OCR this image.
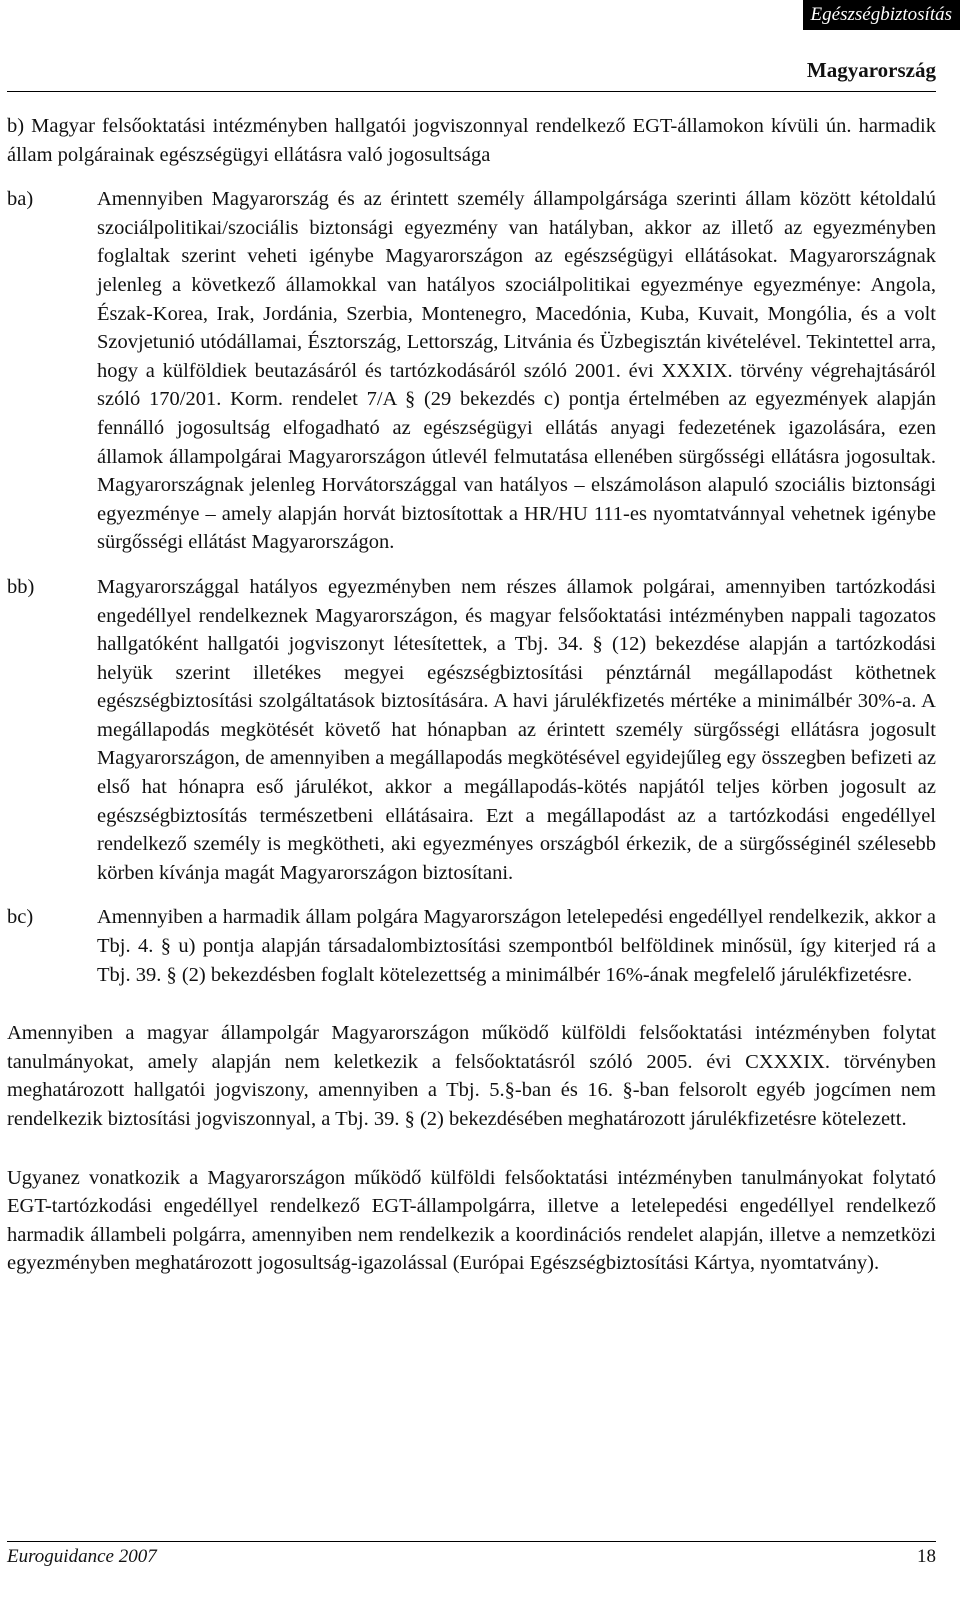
Egészségbiztosítás
Magyarország

b) Magyar felsőoktatási intézményben hallgatói jogviszonnyal rendelkező EGT-államokon kívüli ún. harmadik állam polgárainak egészségügyi ellátásra való jogosultsága

ba)	Amennyiben Magyarország és az érintett személy állampolgársága szerinti állam között kétoldalú szociálpolitikai/szociális biztonsági egyezmény van hatályban, akkor az illető az egyezményben foglaltak szerint veheti igénybe Magyarországon az egészségügyi ellátásokat. Magyarországnak jelenleg a következő államokkal van hatályos szociálpolitikai egyezménye egyezménye: Angola, Észak-Korea, Irak, Jordánia, Szerbia, Montenegro, Macedónia, Kuba, Kuvait, Mongólia, és a volt Szovjetunió utódállamai, Észtország, Lettország, Litvánia és Üzbegisztán kivételével. Tekintettel arra, hogy a külföldiek beutazásáról és tartózkodásáról szóló 2001. évi XXXIX. törvény végrehajtásáról szóló 170/201. Korm. rendelet 7/A § (29 bekezdés c) pontja értelmében az egyezmények alapján fennálló jogosultság elfogadható az egészségügyi ellátás anyagi fedezetének igazolására, ezen államok állampolgárai Magyarországon útlevél felmutatása ellenében sürgősségi ellátásra jogosultak. Magyarországnak jelenleg Horvátországgal van hatályos – elszámoláson alapuló szociális biztonsági egyezménye – amely alapján horvát biztosítottak a HR/HU 111-es nyomtatvánnyal vehetnek igénybe sürgősségi ellátást Magyarországon.
bb)	Magyarországgal hatályos egyezményben nem részes államok polgárai, amennyiben tartózkodási engedéllyel rendelkeznek Magyarországon, és magyar felsőoktatási intézményben nappali tagozatos hallgatóként hallgatói jogviszonyt létesítettek, a Tbj. 34. § (12) bekezdése alapján a tartózkodási helyük szerint illetékes megyei egészségbiztosítási pénztárnál megállapodást köthetnek egészségbiztosítási szolgáltatások biztosítására. A havi járulékfizetés mértéke a minimálbér 30%-a. A megállapodás megkötését követő hat hónapban az érintett személy sürgősségi ellátásra jogosult Magyarországon, de amennyiben a megállapodás megkötésével egyidejűleg egy összegben befizeti az első hat hónapra eső járulékot, akkor a megállapodás-kötés napjától teljes körben jogosult az egészségbiztosítás természetbeni ellátásaira. Ezt a megállapodást az a tartózkodási engedéllyel rendelkező személy is megkötheti, aki egyezményes országból érkezik, de a sürgősséginél szélesebb körben kívánja magát Magyarországon biztosítani.
bc)	Amennyiben a harmadik állam polgára Magyarországon letelepedési engedéllyel rendelkezik, akkor a Tbj. 4. § u) pontja alapján társadalombiztosítási szempontból belföldinek minősül, így kiterjed rá a Tbj. 39. § (2) bekezdésben foglalt kötelezettség a minimálbér 16%-ának megfelelő járulékfizetésre.

Amennyiben a magyar állampolgár Magyarországon működő külföldi felsőoktatási intézményben folytat tanulmányokat, amely alapján nem keletkezik a felsőoktatásról szóló 2005. évi CXXXIX. törvényben meghatározott hallgatói jogviszony, amennyiben a Tbj. 5.§-ban és 16. §-ban felsorolt egyéb jogcímen nem rendelkezik biztosítási jogviszonnyal, a Tbj. 39. § (2) bekezdésében meghatározott járulékfizetésre kötelezett.

Ugyanez vonatkozik a Magyarországon működő külföldi felsőoktatási intézményben tanulmányokat folytató EGT-tartózkodási engedéllyel rendelkező EGT-állampolgárra, illetve a letelepedési engedéllyel rendelkező harmadik állambeli polgárra, amennyiben nem rendelkezik a koordinációs rendelet alapján, illetve a nemzetközi egyezményben meghatározott jogosultság-igazolással (Európai Egészségbiztosítási Kártya, nyomtatvány).

Euroguidance 2007	18
